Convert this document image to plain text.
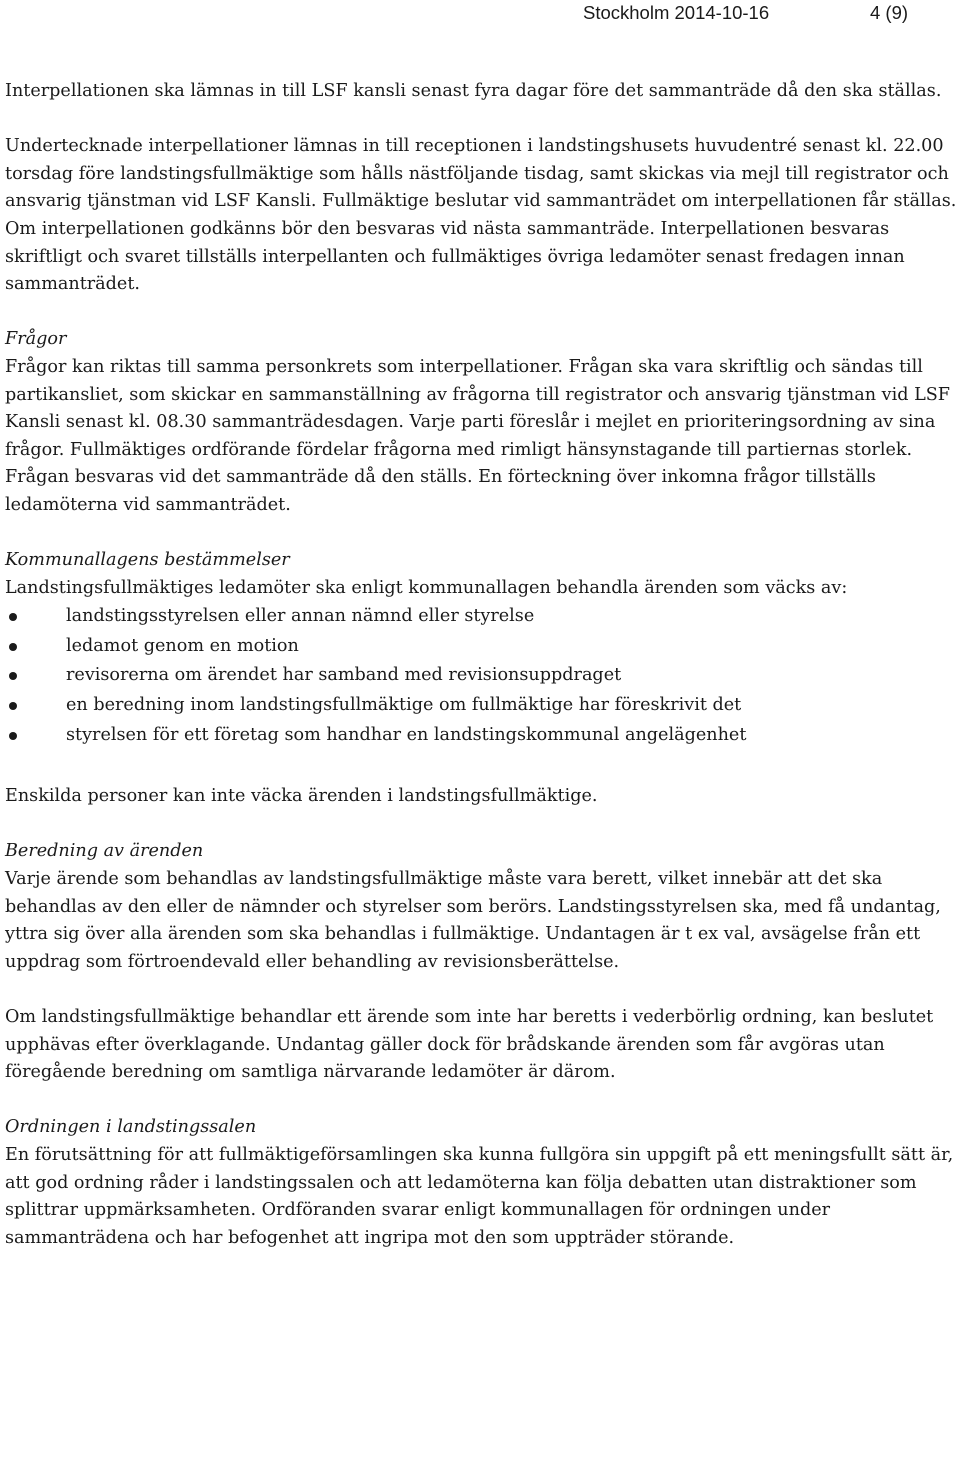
Stockholm 2014-10-16	4 (9)

Interpellationen ska lämnas in till LSF kansli senast fyra dagar före det sammanträde då den ska ställas.

Undertecknade interpellationer lämnas in till receptionen i landstingshusets huvudentré senast kl. 22.00 torsdag före landstingsfullmäktige som hålls nästföljande tisdag, samt skickas via mejl till registrator och ansvarig tjänstman vid LSF Kansli. Fullmäktige beslutar vid sammanträdet om interpellationen får ställas. Om interpellationen godkänns bör den besvaras vid nästa sammanträde. Interpellationen besvaras skriftligt och svaret tillställs interpellanten och fullmäktiges övriga ledamöter senast fredagen innan sammanträdet.

Frågor

Frågor kan riktas till samma personkrets som interpellationer. Frågan ska vara skriftlig och sändas till partikansliet, som skickar en sammanställning av frågorna till registrator och ansvarig tjänstman vid LSF Kansli senast kl. 08.30 sammanträdesdagen. Varje parti föreslår i mejlet en prioriteringsordning av sina frågor. Fullmäktiges ordförande fördelar frågorna med rimligt hänsynstagande till partiernas storlek. Frågan besvaras vid det sammanträde då den ställs. En förteckning över inkomna frågor tillställs ledamöterna vid sammanträdet.

Kommunallagens bestämmelser

Landstingsfullmäktiges ledamöter ska enligt kommunallagen behandla ärenden som väcks av:

landstingsstyrelsen eller annan nämnd eller styrelse
ledamot genom en motion
revisorerna om ärendet har samband med revisionsuppdraget
en beredning inom landstingsfullmäktige om fullmäktige har föreskrivit det
styrelsen för ett företag som handhar en landstingskommunal angelägenhet

Enskilda personer kan inte väcka ärenden i landstingsfullmäktige.

Beredning av ärenden

Varje ärende som behandlas av landstingsfullmäktige måste vara berett, vilket innebär att det ska behandlas av den eller de nämnder och styrelser som berörs. Landstingsstyrelsen ska, med få undantag, yttra sig över alla ärenden som ska behandlas i fullmäktige. Undantagen är t ex val, avsägelse från ett uppdrag som förtroendevald eller behandling av revisionsberättelse.

Om landstingsfullmäktige behandlar ett ärende som inte har beretts i vederbörlig ordning, kan beslutet upphävas efter överklagande. Undantag gäller dock för brådskande ärenden som får avgöras utan föregående beredning om samtliga närvarande ledamöter är därom.

Ordningen i landstingssalen

En förutsättning för att fullmäktigeförsamlingen ska kunna fullgöra sin uppgift på ett meningsfullt sätt är, att god ordning råder i landstingssalen och att ledamöterna kan följa debatten utan distraktioner som splittrar uppmärksamheten. Ordföranden svarar enligt kommunallagen för ordningen under sammanträdena och har befogenhet att ingripa mot den som uppträder störande.
